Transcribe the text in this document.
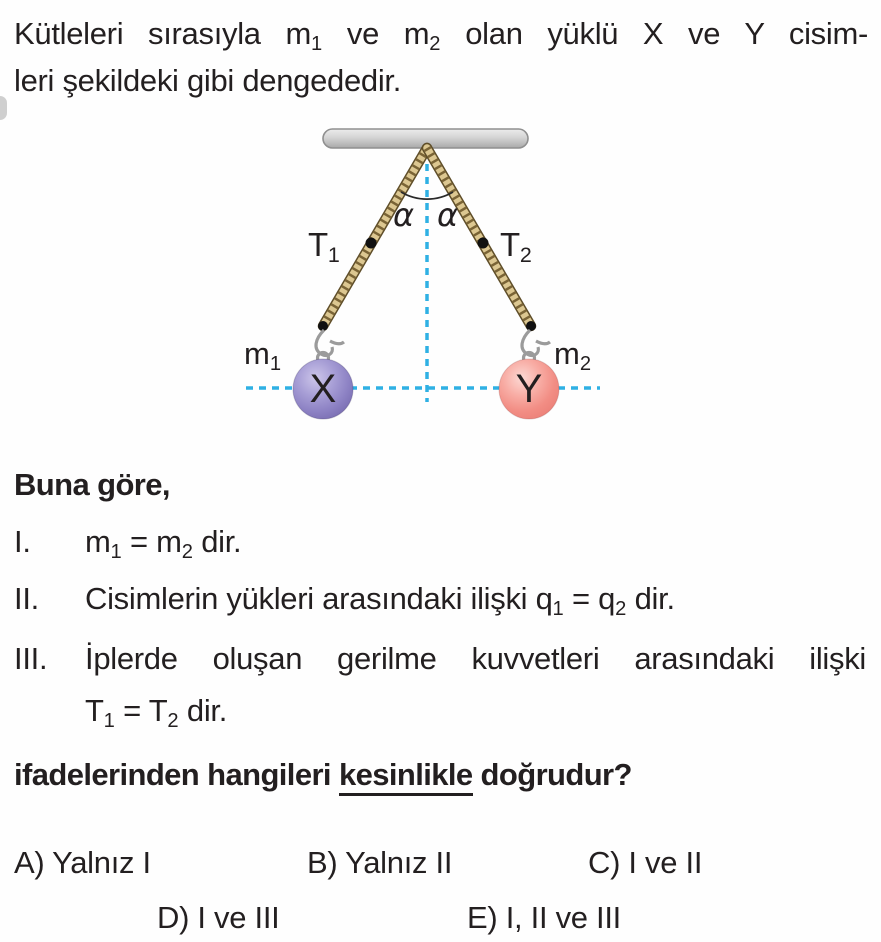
Kütleleri sırasıyla $m_1$ ve $m_2$ olan yüklü X ve Y cisim-
leri şekildeki gibi dengededir.
$T_1$	$T_2$
α α
$m_1$	$m_2$
X	Y
Buna göre,
I. $m_1 = m_2$ dir.
II. Cisimlerin yükleri arasındaki ilişki $q_1 = q_2$ dir.
III. İplerde oluşan gerilme kuvvetleri arasındaki ilişki
$T_1 = T_2$ dir.
ifadelerinden hangileri kesinlikle doğrudur?
A) Yalnız I	B) Yalnız II	C) I ve II
D) I ve III	E) I, II ve III
